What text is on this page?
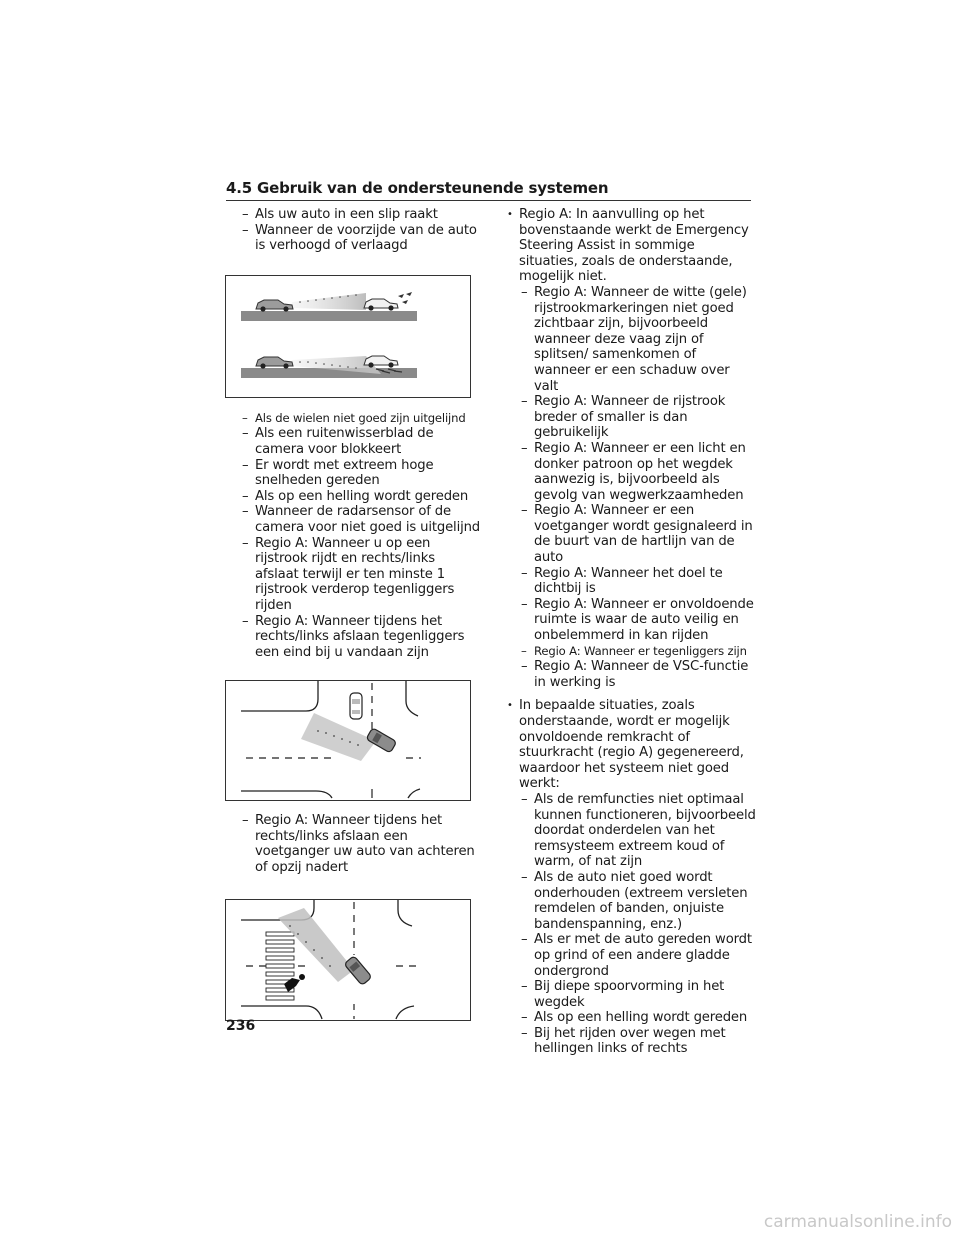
4.5 Gebruik van de ondersteunende systemen
– Als uw auto in een slip raakt
– Wanneer de voorzijde van de auto is verhoogd of verlaagd
– Als de wielen niet goed zijn uitgelijnd
– Als een ruitenwisserblad de camera voor blokkeert
– Er wordt met extreem hoge snelheden gereden
– Als op een helling wordt gereden
– Wanneer de radarsensor of de camera voor niet goed is uitgelijnd
– Regio A: Wanneer u op een rijstrook rijdt en rechts/links afslaat terwijl er ten minste 1 rijstrook verderop tegenliggers rijden
– Regio A: Wanneer tijdens het rechts/links afslaan tegenliggers een eind bij u vandaan zijn
– Regio A: Wanneer tijdens het rechts/links afslaan een voetganger uw auto van achteren of opzij nadert
• Regio A: In aanvulling op het bovenstaande werkt de Emergency Steering Assist in sommige situaties, zoals de onderstaande, mogelijk niet.
– Regio A: Wanneer de witte (gele) rijstrookmarkeringen niet goed zichtbaar zijn, bijvoorbeeld wanneer deze vaag zijn of splitsen/ samenkomen of wanneer er een schaduw over valt
– Regio A: Wanneer de rijstrook breder of smaller is dan gebruikelijk
– Regio A: Wanneer er een licht en donker patroon op het wegdek aanwezig is, bijvoorbeeld als gevolg van wegwerkzaamheden
– Regio A: Wanneer er een voetganger wordt gesignaleerd in de buurt van de hartlijn van de auto
– Regio A: Wanneer het doel te dichtbij is
– Regio A: Wanneer er onvoldoende ruimte is waar de auto veilig en onbelemmerd in kan rijden
– Regio A: Wanneer er tegenliggers zijn
– Regio A: Wanneer de VSC-functie in werking is
• In bepaalde situaties, zoals onderstaande, wordt er mogelijk onvoldoende remkracht of stuurkracht (regio A) gegenereerd, waardoor het systeem niet goed werkt:
– Als de remfuncties niet optimaal kunnen functioneren, bijvoorbeeld doordat onderdelen van het remsysteem extreem koud of warm, of nat zijn
– Als de auto niet goed wordt onderhouden (extreem versleten remdelen of banden, onjuiste bandenspanning, enz.)
– Als er met de auto gereden wordt op grind of een andere gladde ondergrond
– Bij diepe spoorvorming in het wegdek
– Als op een helling wordt gereden
– Bij het rijden over wegen met hellingen links of rechts
236
carmanualsonline.info
